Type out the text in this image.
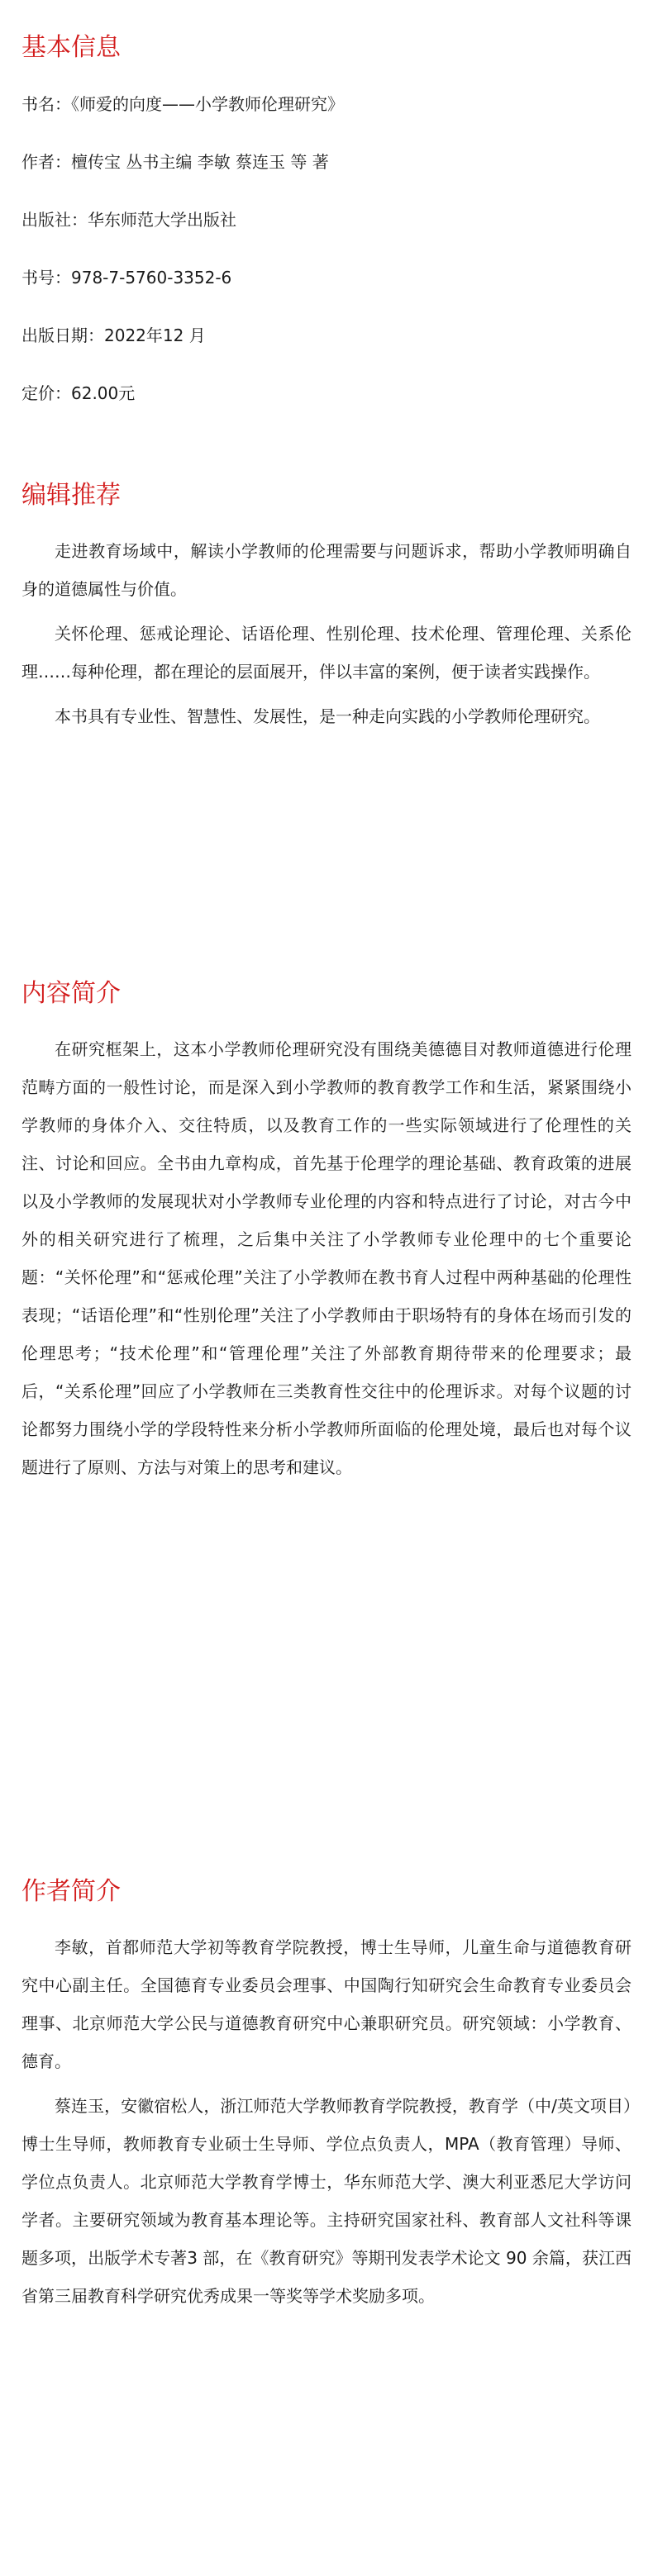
基本信息
书名：《师爱的向度——小学教师伦理研究》
作者：檀传宝 丛书主编 李敏 蔡连玉 等 著
出版社：华东师范大学出版社
书号：978-7-5760-3352-6
出版日期：2022年12 月
定价：62.00元
编辑推荐

走进教育场域中，解读小学教师的伦理需要与问题诉求，帮助小学教师明确自身的道德属性与价值。

关怀伦理、惩戒论理论、话语伦理、性别伦理、技术伦理、管理伦理、关系伦理……每种伦理，都在理论的层面展开，伴以丰富的案例，便于读者实践操作。

本书具有专业性、智慧性、发展性，是一种走向实践的小学教师伦理研究。

内容简介

在研究框架上，这本小学教师伦理研究没有围绕美德德目对教师道德进行伦理范畴方面的一般性讨论，而是深入到小学教师的教育教学工作和生活，紧紧围绕小学教师的身体介入、交往特质，以及教育工作的一些实际领域进行了伦理性的关注、讨论和回应。全书由九章构成，首先基于伦理学的理论基础、教育政策的进展以及小学教师的发展现状对小学教师专业伦理的内容和特点进行了讨论，对古今中外的相关研究进行了梳理，之后集中关注了小学教师专业伦理中的七个重要论题：“关怀伦理”和“惩戒伦理”关注了小学教师在教书育人过程中两种基础的伦理性表现；“话语伦理”和“性别伦理”关注了小学教师由于职场特有的身体在场而引发的伦理思考；“技术伦理”和“管理伦理”关注了外部教育期待带来的伦理要求；最后，“关系伦理”回应了小学教师在三类教育性交往中的伦理诉求。对每个议题的讨论都努力围绕小学的学段特性来分析小学教师所面临的伦理处境，最后也对每个议题进行了原则、方法与对策上的思考和建议。

作者简介

李敏，首都师范大学初等教育学院教授，博士生导师，儿童生命与道德教育研究中心副主任。全国德育专业委员会理事、中国陶行知研究会生命教育专业委员会理事、北京师范大学公民与道德教育研究中心兼职研究员。研究领域：小学教育、德育。

蔡连玉，安徽宿松人，浙江师范大学教师教育学院教授，教育学（中/英文项目）博士生导师，教师教育专业硕士生导师、学位点负责人，MPA（教育管理）导师、学位点负责人。北京师范大学教育学博士，华东师范大学、澳大利亚悉尼大学访问学者。主要研究领域为教育基本理论等。主持研究国家社科、教育部人文社科等课题多项，出版学术专著3 部，在《教育研究》等期刊发表学术论文 90 余篇，获江西省第三届教育科学研究优秀成果一等奖等学术奖励多项。
